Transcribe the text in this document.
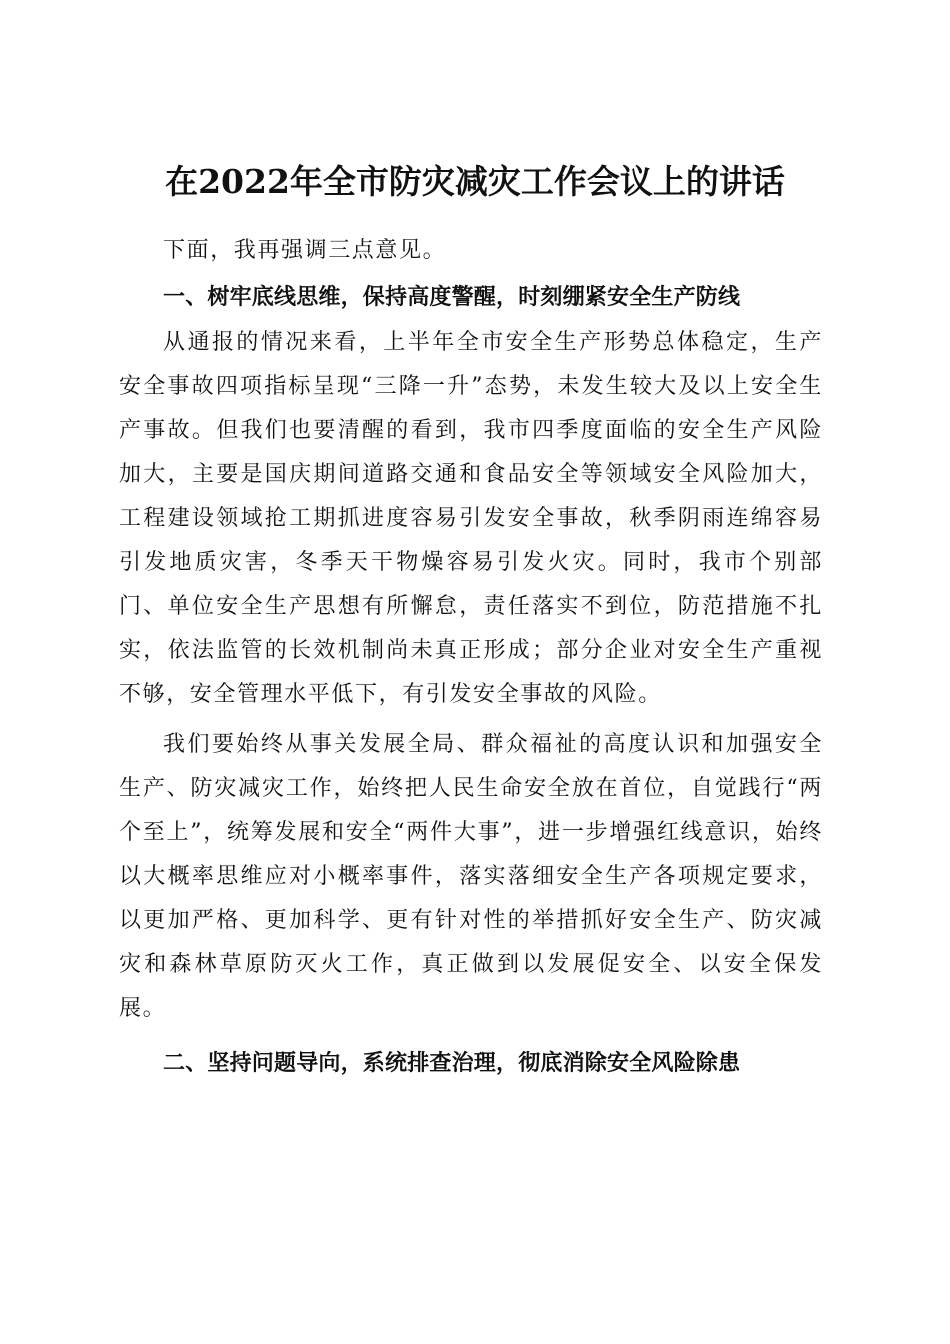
在2022年全市防灾减灾工作会议上的讲话

下面，我再强调三点意见。

一、树牢底线思维，保持高度警醒，时刻绷紧安全生产防线

从通报的情况来看，上半年全市安全生产形势总体稳定，生产安全事故四项指标呈现“三降一升”态势，未发生较大及以上安全生产事故。但我们也要清醒的看到，我市四季度面临的安全生产风险加大，主要是国庆期间道路交通和食品安全等领域安全风险加大，工程建设领域抢工期抓进度容易引发安全事故，秋季阴雨连绵容易引发地质灾害，冬季天干物燥容易引发火灾。同时，我市个别部门、单位安全生产思想有所懈怠，责任落实不到位，防范措施不扎实，依法监管的长效机制尚未真正形成；部分企业对安全生产重视不够，安全管理水平低下，有引发安全事故的风险。

我们要始终从事关发展全局、群众福祉的高度认识和加强安全生产、防灾减灾工作，始终把人民生命安全放在首位，自觉践行“两个至上”，统筹发展和安全“两件大事”，进一步增强红线意识，始终以大概率思维应对小概率事件，落实落细安全生产各项规定要求，以更加严格、更加科学、更有针对性的举措抓好安全生产、防灾减灾和森林草原防灭火工作，真正做到以发展促安全、以安全保发展。

二、坚持问题导向，系统排查治理，彻底消除安全风险除患
